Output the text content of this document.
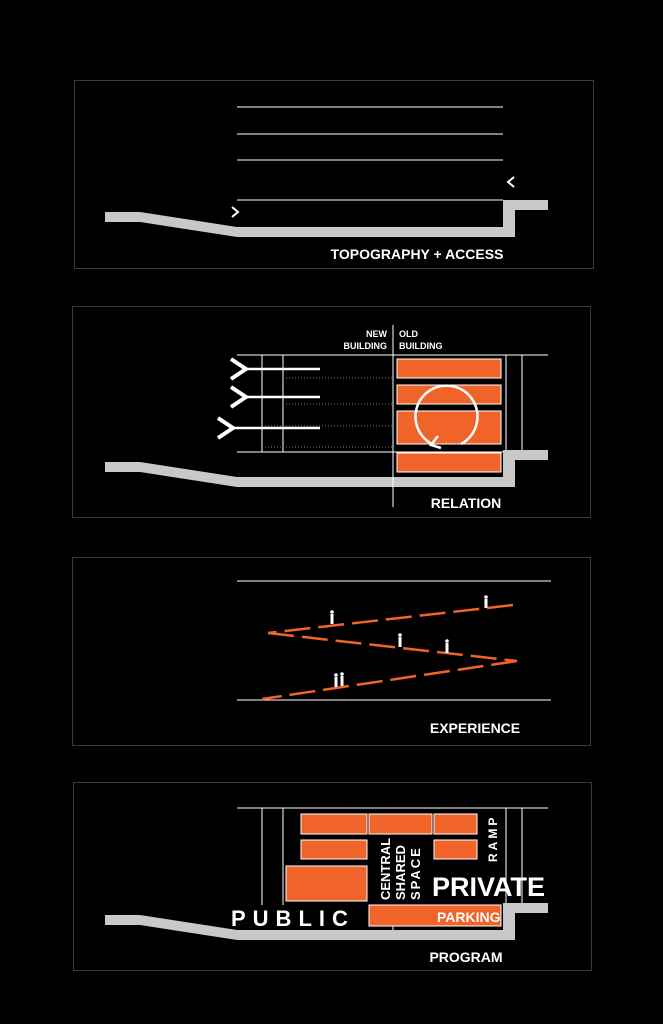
TOPOGRAPHY + ACCESS
NEW
BUILDING
OLD
BUILDING
RELATION
EXPERIENCE
CENTRAL SHARED SPACE
RAMP
PRIVATE
PUBLIC	PARKING
PROGRAM
